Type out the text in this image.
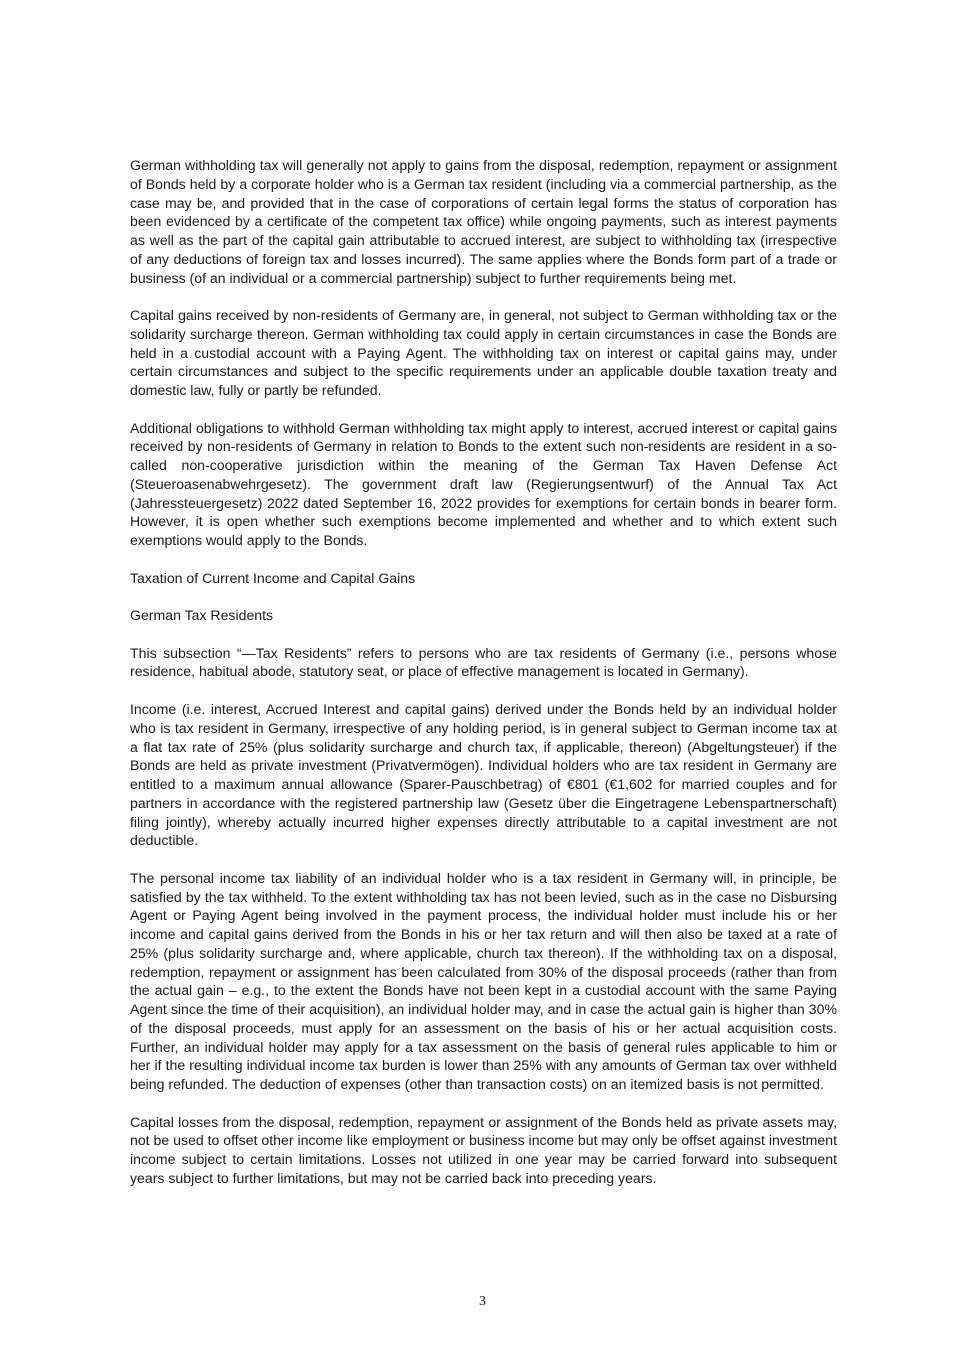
German withholding tax will generally not apply to gains from the disposal, redemption, repayment or assignment of Bonds held by a corporate holder who is a German tax resident (including via a commercial partnership, as the case may be, and provided that in the case of corporations of certain legal forms the status of corporation has been evidenced by a certificate of the competent tax office) while ongoing payments, such as interest payments as well as the part of the capital gain attributable to accrued interest, are subject to withholding tax (irrespective of any deductions of foreign tax and losses incurred). The same applies where the Bonds form part of a trade or business (of an individual or a commercial partnership) subject to further requirements being met.

Capital gains received by non-residents of Germany are, in general, not subject to German withholding tax or the solidarity surcharge thereon. German withholding tax could apply in certain circumstances in case the Bonds are held in a custodial account with a Paying Agent. The withholding tax on interest or capital gains may, under certain circumstances and subject to the specific requirements under an applicable double taxation treaty and domestic law, fully or partly be refunded.

Additional obligations to withhold German withholding tax might apply to interest, accrued interest or capital gains received by non-residents of Germany in relation to Bonds to the extent such non-residents are resident in a so-called non-cooperative jurisdiction within the meaning of the German Tax Haven Defense Act (Steueroasenabwehrgesetz). The government draft law (Regierungsentwurf) of the Annual Tax Act (Jahressteuergesetz) 2022 dated September 16, 2022 provides for exemptions for certain bonds in bearer form. However, it is open whether such exemptions become implemented and whether and to which extent such exemptions would apply to the Bonds.

Taxation of Current Income and Capital Gains

German Tax Residents

This subsection “—Tax Residents” refers to persons who are tax residents of Germany (i.e., persons whose residence, habitual abode, statutory seat, or place of effective management is located in Germany).

Income (i.e. interest, Accrued Interest and capital gains) derived under the Bonds held by an individual holder who is tax resident in Germany, irrespective of any holding period, is in general subject to German income tax at a flat tax rate of 25% (plus solidarity surcharge and church tax, if applicable, thereon) (Abgeltungsteuer) if the Bonds are held as private investment (Privatvermögen). Individual holders who are tax resident in Germany are entitled to a maximum annual allowance (Sparer-Pauschbetrag) of €801 (€1,602 for married couples and for partners in accordance with the registered partnership law (Gesetz über die Eingetragene Lebenspartnerschaft) filing jointly), whereby actually incurred higher expenses directly attributable to a capital investment are not deductible.

The personal income tax liability of an individual holder who is a tax resident in Germany will, in principle, be satisfied by the tax withheld. To the extent withholding tax has not been levied, such as in the case no Disbursing Agent or Paying Agent being involved in the payment process, the individual holder must include his or her income and capital gains derived from the Bonds in his or her tax return and will then also be taxed at a rate of 25% (plus solidarity surcharge and, where applicable, church tax thereon). If the withholding tax on a disposal, redemption, repayment or assignment has been calculated from 30% of the disposal proceeds (rather than from the actual gain – e.g., to the extent the Bonds have not been kept in a custodial account with the same Paying Agent since the time of their acquisition), an individual holder may, and in case the actual gain is higher than 30% of the disposal proceeds, must apply for an assessment on the basis of his or her actual acquisition costs. Further, an individual holder may apply for a tax assessment on the basis of general rules applicable to him or her if the resulting individual income tax burden is lower than 25% with any amounts of German tax over withheld being refunded. The deduction of expenses (other than transaction costs) on an itemized basis is not permitted.

Capital losses from the disposal, redemption, repayment or assignment of the Bonds held as private assets may, not be used to offset other income like employment or business income but may only be offset against investment income subject to certain limitations. Losses not utilized in one year may be carried forward into subsequent years subject to further limitations, but may not be carried back into preceding years.

3
